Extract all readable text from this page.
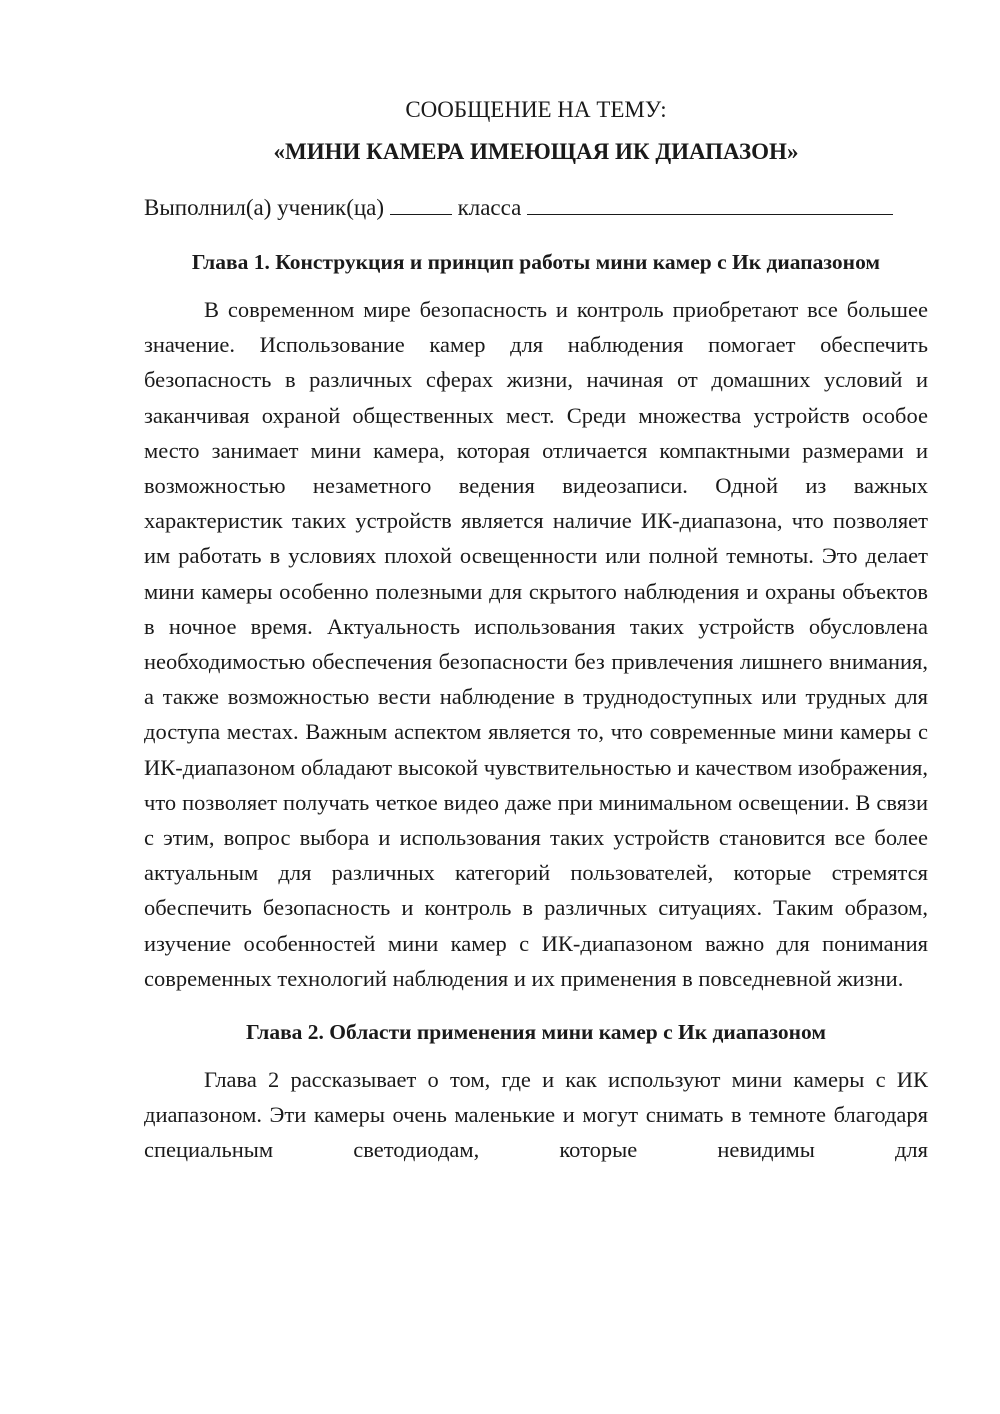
СООБЩЕНИЕ НА ТЕМУ:
«МИНИ КАМЕРА ИМЕЮЩАЯ ИК ДИАПАЗОН»

Выполнил(а) ученик(ца)	класса

Глава 1. Конструкция и принцип работы мини камер с Ик диапазоном

В современном мире безопасность и контроль приобретают все большее значение. Использование камер для наблюдения помогает обеспечить безопасность в различных сферах жизни, начиная от домашних условий и заканчивая охраной общественных мест. Среди множества устройств особое место занимает мини камера, которая отличается компактными размерами и возможностью незаметного ведения видеозаписи. Одной из важных характеристик таких устройств является наличие ИК-диапазона, что позволяет им работать в условиях плохой освещенности или полной темноты. Это делает мини камеры особенно полезными для скрытого наблюдения и охраны объектов в ночное время. Актуальность использования таких устройств обусловлена необходимостью обеспечения безопасности без привлечения лишнего внимания, а также возможностью вести наблюдение в труднодоступных или трудных для доступа местах. Важным аспектом является то, что современные мини камеры с ИК-диапазоном обладают высокой чувствительностью и качеством изображения, что позволяет получать четкое видео даже при минимальном освещении. В связи с этим, вопрос выбора и использования таких устройств становится все более актуальным для различных категорий пользователей, которые стремятся обеспечить безопасность и контроль в различных ситуациях. Таким образом, изучение особенностей мини камер с ИК-диапазоном важно для понимания современных технологий наблюдения и их применения в повседневной жизни.

Глава 2. Области применения мини камер с Ик диапазоном

Глава 2 рассказывает о том, где и как используют мини камеры с ИК диапазоном. Эти камеры очень маленькие и могут снимать в темноте благодаря специальным светодиодам, которые невидимы для
